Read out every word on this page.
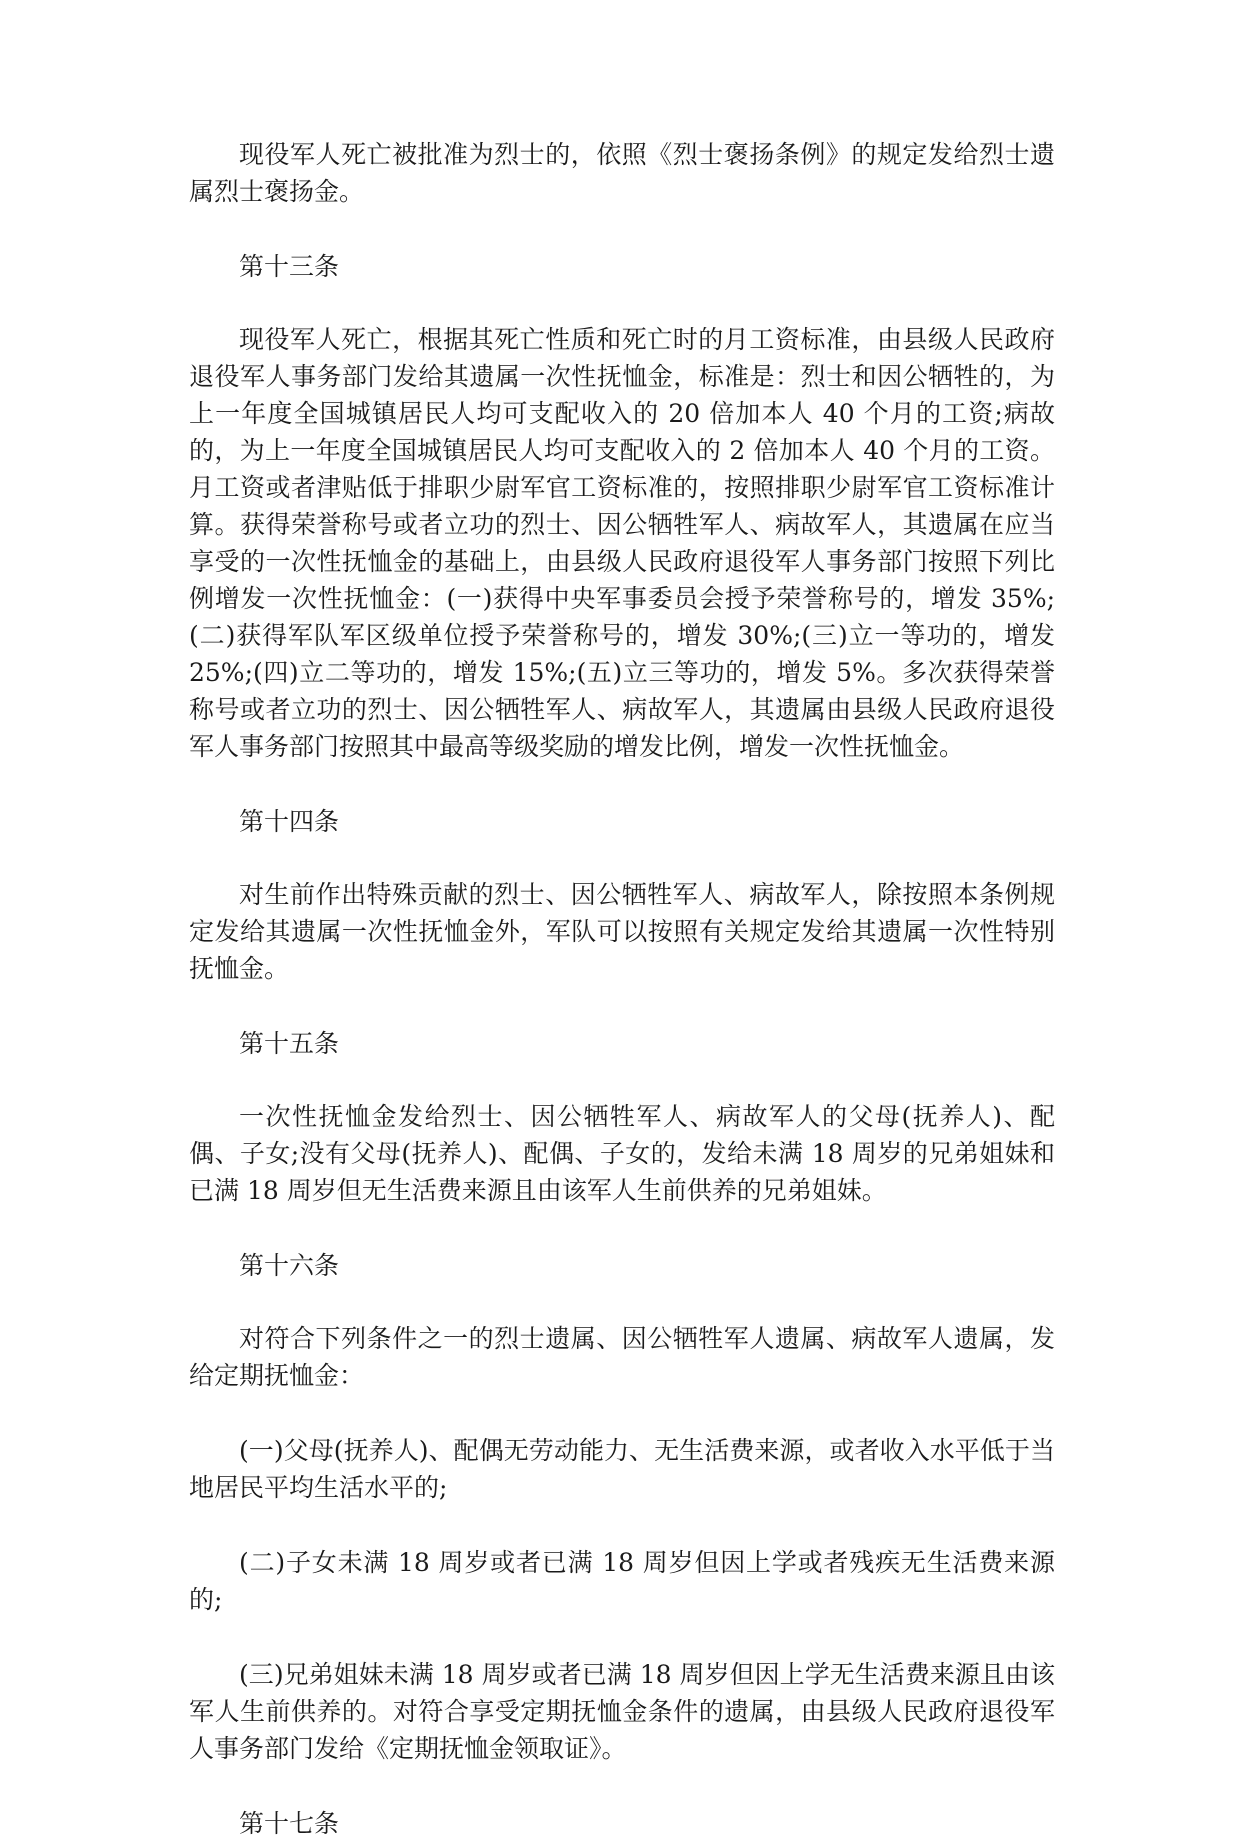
现役军人死亡被批准为烈士的，依照《烈士褒扬条例》的规定发给烈士遗属烈士褒扬金。

第十三条

现役军人死亡，根据其死亡性质和死亡时的月工资标准，由县级人民政府退役军人事务部门发给其遗属一次性抚恤金，标准是：烈士和因公牺牲的，为上一年度全国城镇居民人均可支配收入的 20 倍加本人 40 个月的工资;病故的，为上一年度全国城镇居民人均可支配收入的 2 倍加本人 40 个月的工资。月工资或者津贴低于排职少尉军官工资标准的，按照排职少尉军官工资标准计算。获得荣誉称号或者立功的烈士、因公牺牲军人、病故军人，其遗属在应当享受的一次性抚恤金的基础上，由县级人民政府退役军人事务部门按照下列比例增发一次性抚恤金：(一)获得中央军事委员会授予荣誉称号的，增发 35%;(二)获得军队军区级单位授予荣誉称号的，增发 30%;(三)立一等功的，增发 25%;(四)立二等功的，增发 15%;(五)立三等功的，增发 5%。多次获得荣誉称号或者立功的烈士、因公牺牲军人、病故军人，其遗属由县级人民政府退役军人事务部门按照其中最高等级奖励的增发比例，增发一次性抚恤金。

第十四条

对生前作出特殊贡献的烈士、因公牺牲军人、病故军人，除按照本条例规定发给其遗属一次性抚恤金外，军队可以按照有关规定发给其遗属一次性特别抚恤金。

第十五条

一次性抚恤金发给烈士、因公牺牲军人、病故军人的父母(抚养人)、配偶、子女;没有父母(抚养人)、配偶、子女的，发给未满 18 周岁的兄弟姐妹和已满 18 周岁但无生活费来源且由该军人生前供养的兄弟姐妹。

第十六条

对符合下列条件之一的烈士遗属、因公牺牲军人遗属、病故军人遗属，发给定期抚恤金：

(一)父母(抚养人)、配偶无劳动能力、无生活费来源，或者收入水平低于当地居民平均生活水平的;

(二)子女未满 18 周岁或者已满 18 周岁但因上学或者残疾无生活费来源的;

(三)兄弟姐妹未满 18 周岁或者已满 18 周岁但因上学无生活费来源且由该军人生前供养的。对符合享受定期抚恤金条件的遗属，由县级人民政府退役军人事务部门发给《定期抚恤金领取证》。

第十七条
